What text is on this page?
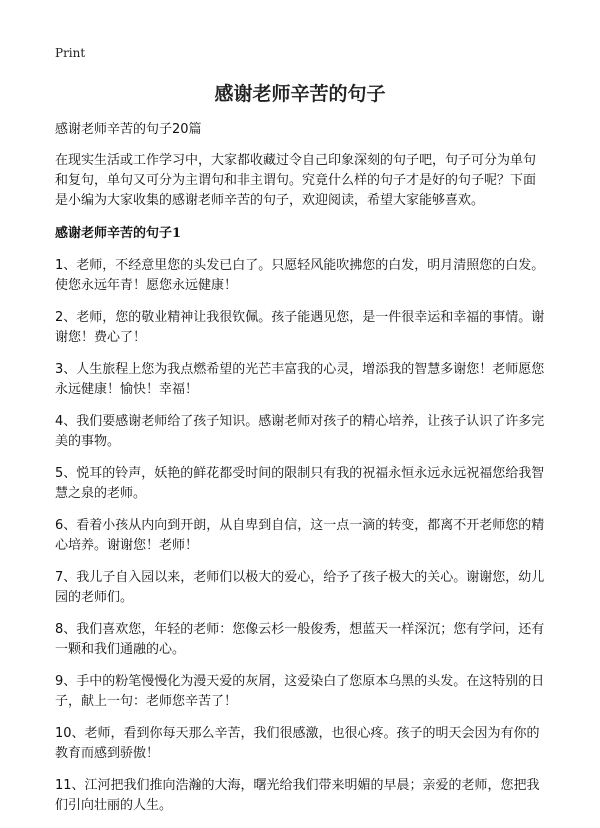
Print
感谢老师辛苦的句子

感谢老师辛苦的句子20篇

在现实生活或工作学习中，大家都收藏过令自己印象深刻的句子吧，句子可分为单句和复句，单句又可分为主谓句和非主谓句。究竟什么样的句子才是好的句子呢？下面是小编为大家收集的感谢老师辛苦的句子，欢迎阅读，希望大家能够喜欢。

感谢老师辛苦的句子1
1、老师，不经意里您的头发已白了。只愿轻风能吹拂您的白发，明月清照您的白发。使您永远年青！愿您永远健康！
2、老师，您的敬业精神让我很钦佩。孩子能遇见您，是一件很幸运和幸福的事情。谢谢您！费心了！
3、人生旅程上您为我点燃希望的光芒丰富我的心灵，增添我的智慧多谢您！老师愿您永远健康！愉快！幸福！
4、我们要感谢老师给了孩子知识。感谢老师对孩子的精心培养，让孩子认识了许多完美的事物。
5、悦耳的铃声，妖艳的鲜花都受时间的限制只有我的祝福永恒永远永远祝福您给我智慧之泉的老师。
6、看着小孩从内向到开朗，从自卑到自信，这一点一滴的转变，都离不开老师您的精心培养。谢谢您！老师！
7、我儿子自入园以来，老师们以极大的爱心，给予了孩子极大的关心。谢谢您，幼儿园的老师们。
8、我们喜欢您，年轻的老师：您像云杉一般俊秀，想蓝天一样深沉；您有学问，还有一颗和我们通融的心。
9、手中的粉笔慢慢化为漫天爱的灰屑，这爱染白了您原本乌黑的头发。在这特别的日子，献上一句：老师您辛苦了！
10、老师，看到你每天那么辛苦，我们很感激，也很心疼。孩子的明天会因为有你的教育而感到骄傲！
11、江河把我们推向浩瀚的大海，曙光给我们带来明媚的早晨；亲爱的老师，您把我们引向壮丽的人生。
